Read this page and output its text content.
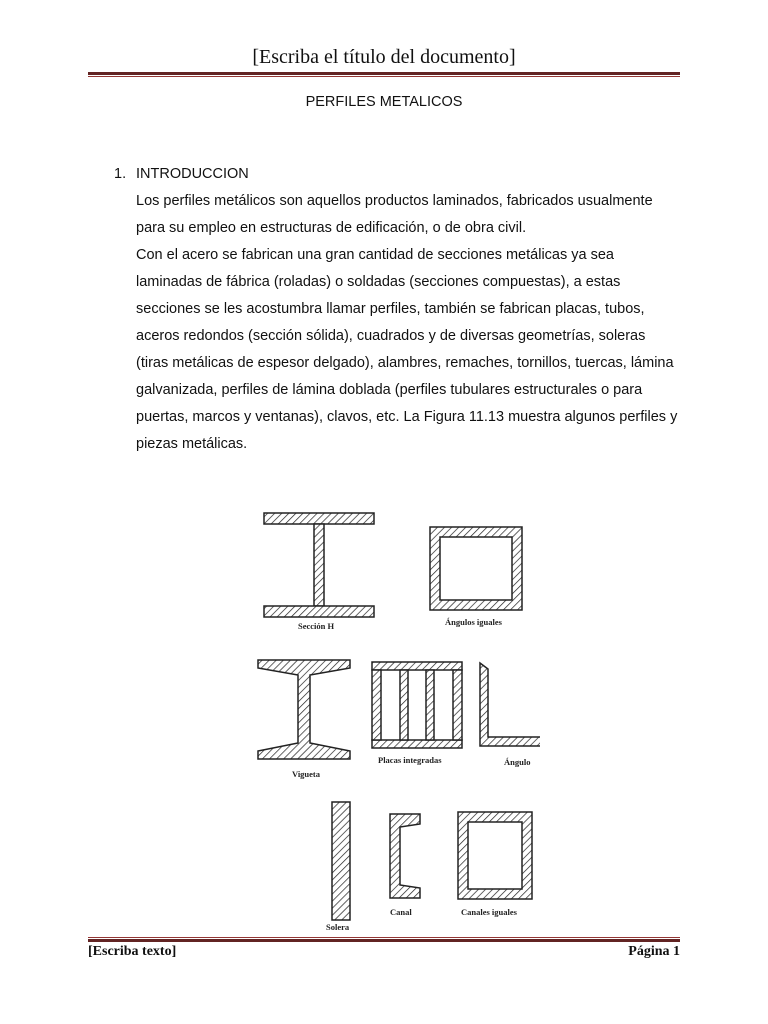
[Escriba el título del documento]
PERFILES METALICOS
1. INTRODUCCION

Los perfiles metálicos son aquellos productos laminados, fabricados usualmente para su empleo en estructuras de edificación, o de obra civil.

Con el acero se fabrican una gran cantidad de secciones metálicas ya sea laminadas de fábrica (roladas) o soldadas (secciones compuestas), a estas secciones se les acostumbra llamar perfiles, también se fabrican placas, tubos, aceros redondos (sección sólida), cuadrados y de diversas geometrías, soleras (tiras metálicas de espesor delgado), alambres, remaches, tornillos, tuercas, lámina galvanizada, perfiles de lámina doblada (perfiles tubulares estructurales o para puertas, marcos y ventanas), clavos, etc. La Figura 11.13 muestra algunos perfiles y piezas metálicas.

Sección H	Ángulos iguales
Vigueta
Placas integradas	Ángulo
Solera
Canal	Canales iguales
[Escriba texto]	Página 1
